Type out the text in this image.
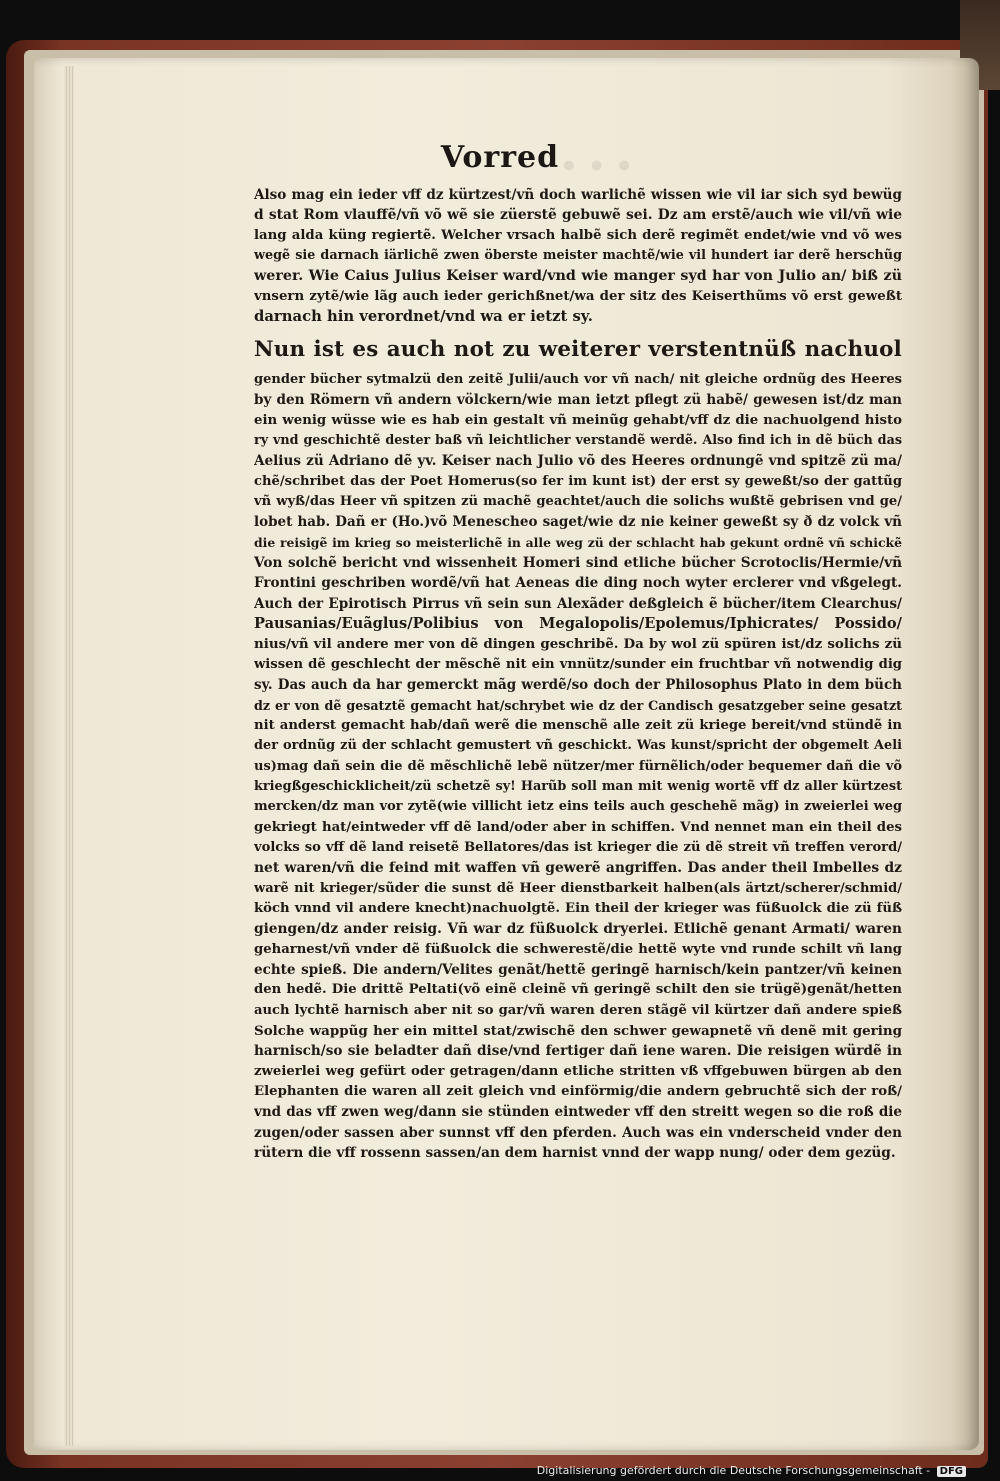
• • •
Vorred
Also mag ein ieder vff dz kürtzest/vñ doch warlichẽ wissen wie vil iar sich syd bewüg
d stat Rom vlauffẽ/vñ võ wẽ sie züerstẽ gebuwẽ sei. Dz am erstẽ/auch wie vil/vñ wie
lang alda küng regiertẽ. Welcher vrsach halbẽ sich derẽ regimẽt endet/wie vnd võ wes
wegẽ sie darnach iärlichẽ zwen öberste meister machtẽ/wie vil hundert iar derẽ herschũg
werer. Wie Caius Julius Keiser ward/vnd wie manger syd har von Julio an/ biß zü
vnsern zytẽ/wie lãg auch ieder gerichßnet/wa der sitz des Keiserthũms võ erst geweßt
darnach hin verordnet/vnd wa er ietzt sy.
Nun ist es auch not zu weiterer verstentnüß nachuol
gender bücher sytmalzü den zeitẽ Julii/auch vor vñ nach/ nit gleiche ordnũg des Heeres
by den Römern vñ andern völckern/wie man ietzt pflegt zü habẽ/ gewesen ist/dz man
ein wenig wüsse wie es hab ein gestalt vñ meinũg gehabt/vff dz die nachuolgend histo
ry vnd geschichtẽ dester baß vñ leichtlicher verstandẽ werdẽ. Also find ich in dẽ büch das
Aelius zü Adriano dẽ yv. Keiser nach Julio võ des Heeres ordnungẽ vnd spitzẽ zü ma/
chẽ/schribet das der Poet Homerus(so fer im kunt ist) der erst sy geweßt/so der gattũg
vñ wyß/das Heer vñ spitzen zü machẽ geachtet/auch die solichs wußtẽ gebrisen vnd ge/
lobet hab. Dañ er (Ho.)võ Menescheo saget/wie dz nie keiner geweßt sy ð dz volck vñ
die reisigẽ im krieg so meisterlichẽ in alle weg zü der schlacht hab gekunt ordnẽ vñ schickẽ
Von solchẽ bericht vnd wissenheit Homeri sind etliche bücher Scrotoclis/Hermie/vñ
Frontini geschriben wordẽ/vñ hat Aeneas die ding noch wyter erclerer vnd vßgelegt.
Auch der Epirotisch Pirrus vñ sein sun Alexãder deßgleich ẽ bücher/item Clearchus/
Pausanias/Euãglus/Polibius von Megalopolis/Epolemus/Iphicrates/ Possido/
nius/vñ vil andere mer von dẽ dingen geschribẽ. Da by wol zü spüren ist/dz solichs zü
wissen dẽ geschlecht der mẽschẽ nit ein vnnütz/sunder ein fruchtbar vñ notwendig dig
sy. Das auch da har gemerckt mãg werdẽ/so doch der Philosophus Plato in dem büch
dz er von dẽ gesatztẽ gemacht hat/schrybet wie dz der Candisch gesatzgeber seine gesatzt
nit anderst gemacht hab/dañ werẽ die menschẽ alle zeit zü kriege bereit/vnd stündẽ in
der ordnũg zü der schlacht gemustert vñ geschickt. Was kunst/spricht der obgemelt Aeli
us)mag dañ sein die dẽ mẽschlichẽ lebẽ nützer/mer fürnẽlich/oder bequemer dañ die võ
kriegßgeschicklicheit/zü schetzẽ sy! Harũb soll man mit wenig wortẽ vff dz aller kürtzest
mercken/dz man vor zytẽ(wie villicht ietz eins teils auch geschehẽ mãg) in zweierlei weg
gekriegt hat/eintweder vff dẽ land/oder aber in schiffen. Vnd nennet man ein theil des
volcks so vff dẽ land reisetẽ Bellatores/das ist krieger die zü dẽ streit vñ treffen verord/
net waren/vñ die feind mit waffen vñ gewerẽ angriffen. Das ander theil Imbelles dz
warẽ nit krieger/sũder die sunst dẽ Heer dienstbarkeit halben(als ärtzt/scherer/schmid/
köch vnnd vil andere knecht)nachuolgtẽ. Ein theil der krieger was füßuolck die zü füß
giengen/dz ander reisig. Vñ war dz füßuolck dryerlei. Etlichẽ genant Armati/ waren
geharnest/vñ vnder dẽ füßuolck die schwerestẽ/die hettẽ wyte vnd runde schilt vñ lang
echte spieß. Die andern/Velites genãt/hettẽ geringẽ harnisch/kein pantzer/vñ keinen
den hedẽ. Die drittẽ Peltati(võ einẽ cleinẽ vñ geringẽ schilt den sie trügẽ)genãt/hetten
auch lychtẽ harnisch aber nit so gar/vñ waren deren stãgẽ vil kürtzer dañ andere spieß
Solche wappũg her ein mittel stat/zwischẽ den schwer gewapnetẽ vñ denẽ mit gering
harnisch/so sie beladter dañ dise/vnd fertiger dañ iene waren. Die reisigen würdẽ in
zweierlei weg gefürt oder getragen/dann etliche stritten vß vffgebuwen bürgen ab den
Elephanten die waren all zeit gleich vnd einförmig/die andern gebruchtẽ sich der roß/
vnd das vff zwen weg/dann sie stünden eintweder vff den streitt wegen so die roß die
zugen/oder sassen aber sunnst vff den pferden. Auch was ein vnderscheid vnder den
rütern die vff rossenn sassen/an dem harnist vnnd der wapp nung/ oder dem gezüg.
Digitalisierung gefördert durch die Deutsche Forschungsgemeinschaft - DFG
